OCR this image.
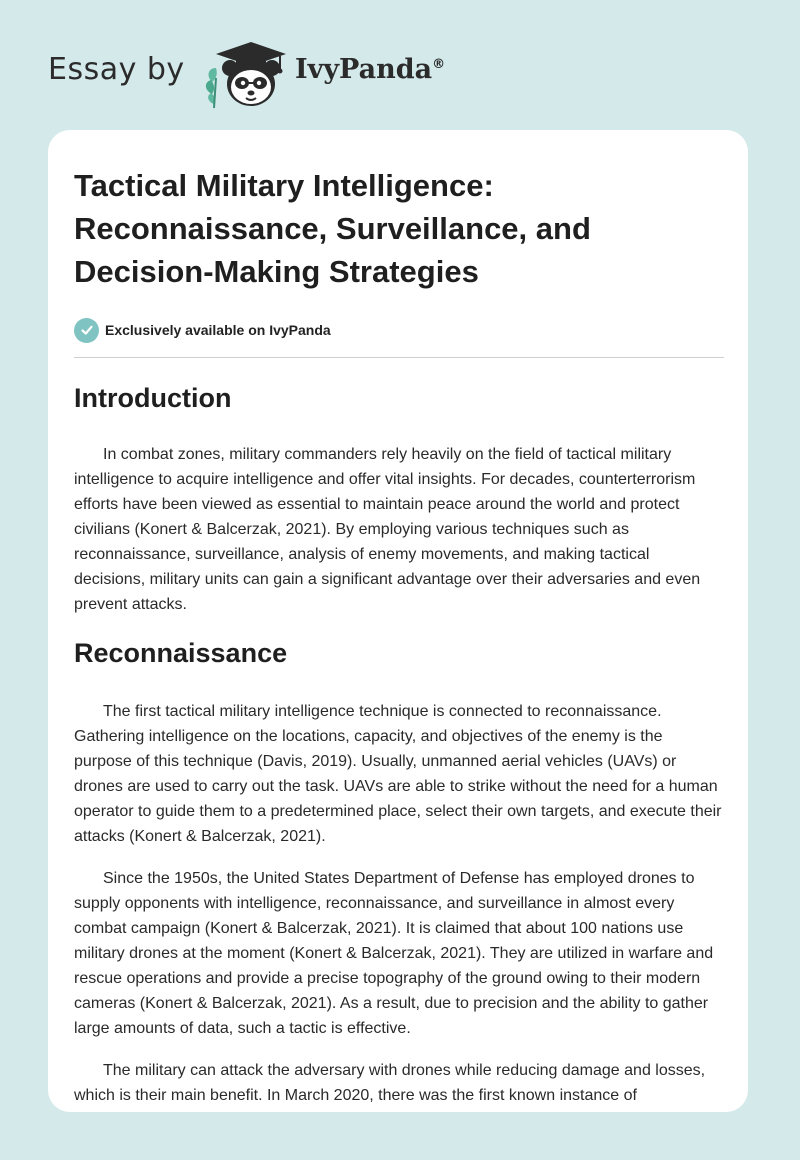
Essay by	IvyPanda®
Tactical Military Intelligence: Reconnaissance, Surveillance, and Decision-Making Strategies
Exclusively available on IvyPanda
Introduction

In combat zones, military commanders rely heavily on the field of tactical military intelligence to acquire intelligence and offer vital insights. For decades, counterterrorism efforts have been viewed as essential to maintain peace around the world and protect civilians (Konert & Balcerzak, 2021). By employing various techniques such as reconnaissance, surveillance, analysis of enemy movements, and making tactical decisions, military units can gain a significant advantage over their adversaries and even prevent attacks.

Reconnaissance

The first tactical military intelligence technique is connected to reconnaissance. Gathering intelligence on the locations, capacity, and objectives of the enemy is the purpose of this technique (Davis, 2019). Usually, unmanned aerial vehicles (UAVs) or drones are used to carry out the task. UAVs are able to strike without the need for a human operator to guide them to a predetermined place, select their own targets, and execute their attacks (Konert & Balcerzak, 2021).

Since the 1950s, the United States Department of Defense has employed drones to supply opponents with intelligence, reconnaissance, and surveillance in almost every combat campaign (Konert & Balcerzak, 2021). It is claimed that about 100 nations use military drones at the moment (Konert & Balcerzak, 2021). They are utilized in warfare and rescue operations and provide a precise topography of the ground owing to their modern cameras (Konert & Balcerzak, 2021). As a result, due to precision and the ability to gather large amounts of data, such a tactic is effective.

The military can attack the adversary with drones while reducing damage and losses, which is their main benefit. In March 2020, there was the first known instance of
